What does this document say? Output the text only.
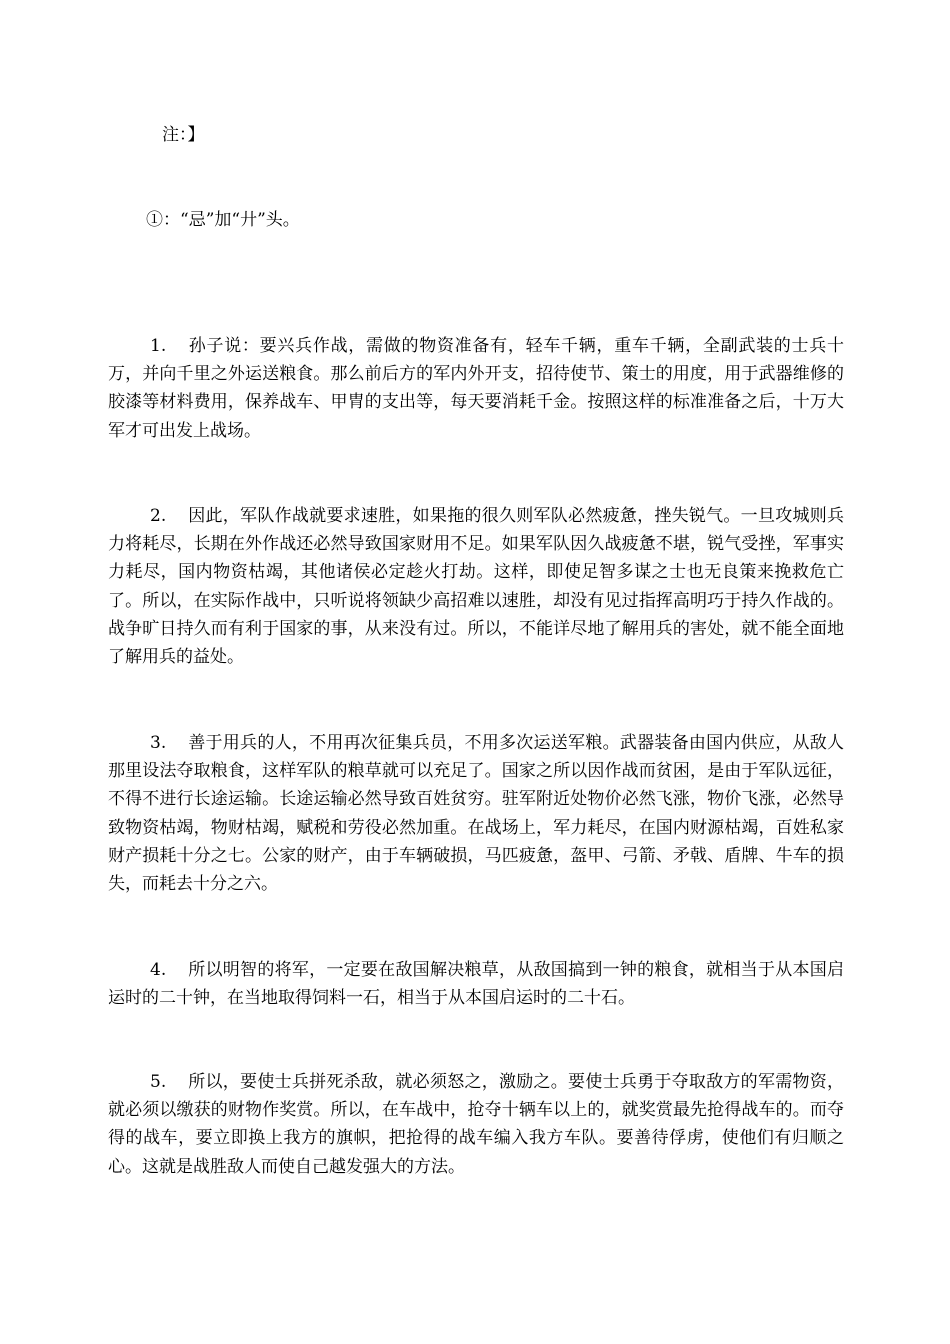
注：】
①：“忌”加“廾”头。
1. 孙子说：要兴兵作战，需做的物资准备有，轻车千辆，重车千辆，全副武装的士兵十万，并向千里之外运送粮食。那么前后方的军内外开支，招待使节、策士的用度，用于武器维修的胶漆等材料费用，保养战车、甲胄的支出等，每天要消耗千金。按照这样的标准准备之后，十万大军才可出发上战场。
2. 因此，军队作战就要求速胜，如果拖的很久则军队必然疲惫，挫失锐气。一旦攻城则兵力将耗尽，长期在外作战还必然导致国家财用不足。如果军队因久战疲惫不堪，锐气受挫，军事实力耗尽，国内物资枯竭，其他诸侯必定趁火打劫。这样，即使足智多谋之士也无良策来挽救危亡了。所以，在实际作战中，只听说将领缺少高招难以速胜，却没有见过指挥高明巧于持久作战的。战争旷日持久而有利于国家的事，从来没有过。所以，不能详尽地了解用兵的害处，就不能全面地了解用兵的益处。
3. 善于用兵的人，不用再次征集兵员，不用多次运送军粮。武器装备由国内供应，从敌人那里设法夺取粮食，这样军队的粮草就可以充足了。国家之所以因作战而贫困，是由于军队远征，不得不进行长途运输。长途运输必然导致百姓贫穷。驻军附近处物价必然飞涨，物价飞涨，必然导致物资枯竭，物财枯竭，赋税和劳役必然加重。在战场上，军力耗尽，在国内财源枯竭，百姓私家财产损耗十分之七。公家的财产，由于车辆破损，马匹疲惫，盔甲、弓箭、矛戟、盾牌、牛车的损失，而耗去十分之六。
4. 所以明智的将军，一定要在敌国解决粮草，从敌国搞到一钟的粮食，就相当于从本国启运时的二十钟，在当地取得饲料一石，相当于从本国启运时的二十石。
5. 所以，要使士兵拼死杀敌，就必须怒之，激励之。要使士兵勇于夺取敌方的军需物资，就必须以缴获的财物作奖赏。所以，在车战中，抢夺十辆车以上的，就奖赏最先抢得战车的。而夺得的战车，要立即换上我方的旗帜，把抢得的战车编入我方车队。要善待俘虏，使他们有归顺之心。这就是战胜敌人而使自己越发强大的方法。
